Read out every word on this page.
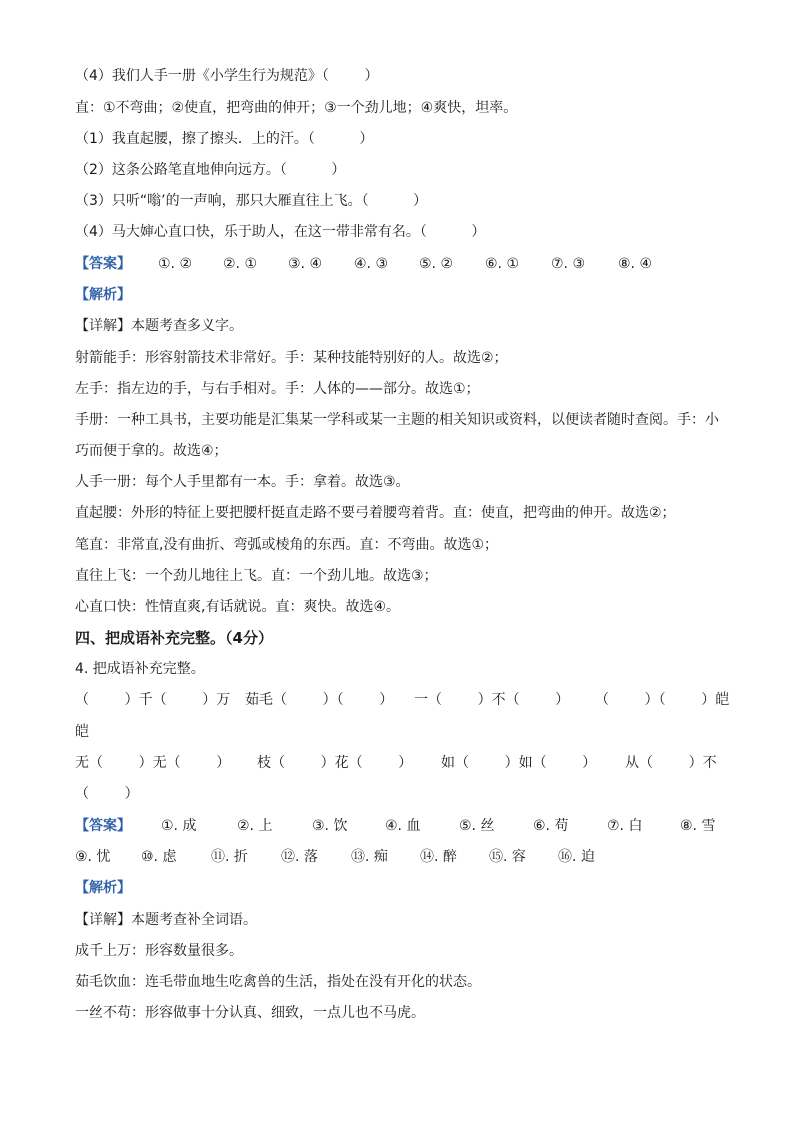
（4）我们人手一册《小学生行为规范》（        ）
直：①不弯曲；②使直，把弯曲的伸开；③一个劲儿地；④爽快，坦率。
（1）我直起腰，擦了擦头．上的汗。（          ）
（2）这条公路笔直地伸向远方。（          ）
（3）只听“嗡’的一声响，那只大雁直往上飞。（          ）
（4）马大婶心直口快，乐于助人，在这一带非常有名。（          ）
【答案】 ①. ② ②. ① ③. ④ ④. ③ ⑤. ② ⑥. ① ⑦. ③ ⑧. ④
【解析】
【详解】本题考查多义字。
射箭能手：形容射箭技术非常好。手：某种技能特别好的人。故选②；
左手：指左边的手，与右手相对。手：人体的——部分。故选①；
手册：一种工具书，主要功能是汇集某一学科或某一主题的相关知识或资料，以便读者随时查阅。手：小
巧而便于拿的。故选④；
人手一册：每个人手里都有一本。手：拿着。故选③。
直起腰：外形的特征上要把腰杆挺直走路不要弓着腰弯着背。直：使直，把弯曲的伸开。故选②；
笔直：非常直,没有曲折、弯弧或棱角的东西。直：不弯曲。故选①；
直往上飞：一个劲儿地往上飞。直：一个劲儿地。故选③；
心直口快：性情直爽,有话就说。直：爽快。故选④。
四、把成语补充完整。（4分）
4. 把成语补充完整。
（        ）千（        ）万 茹毛（        ）（        ） 一（        ）不（        ） （        ）（        ）皑
皑
无（        ）无（        ） 枝（        ）花（        ） 如（        ）如（        ） 从（        ）不
（        ）
【答案】 ①. 成	②. 上	③. 饮	④. 血	⑤. 丝	⑥. 苟	⑦. 白	⑧. 雪
⑨. 忧 ⑩. 虑 ⑪. 折 ⑫. 落 ⑬. 痴 ⑭. 醉 ⑮. 容 ⑯. 迫
【解析】
【详解】本题考查补全词语。
成千上万：形容数量很多。
茹毛饮血：连毛带血地生吃禽兽的生活，指处在没有开化的状态。
一丝不苟：形容做事十分认真、细致，一点儿也不马虎。
